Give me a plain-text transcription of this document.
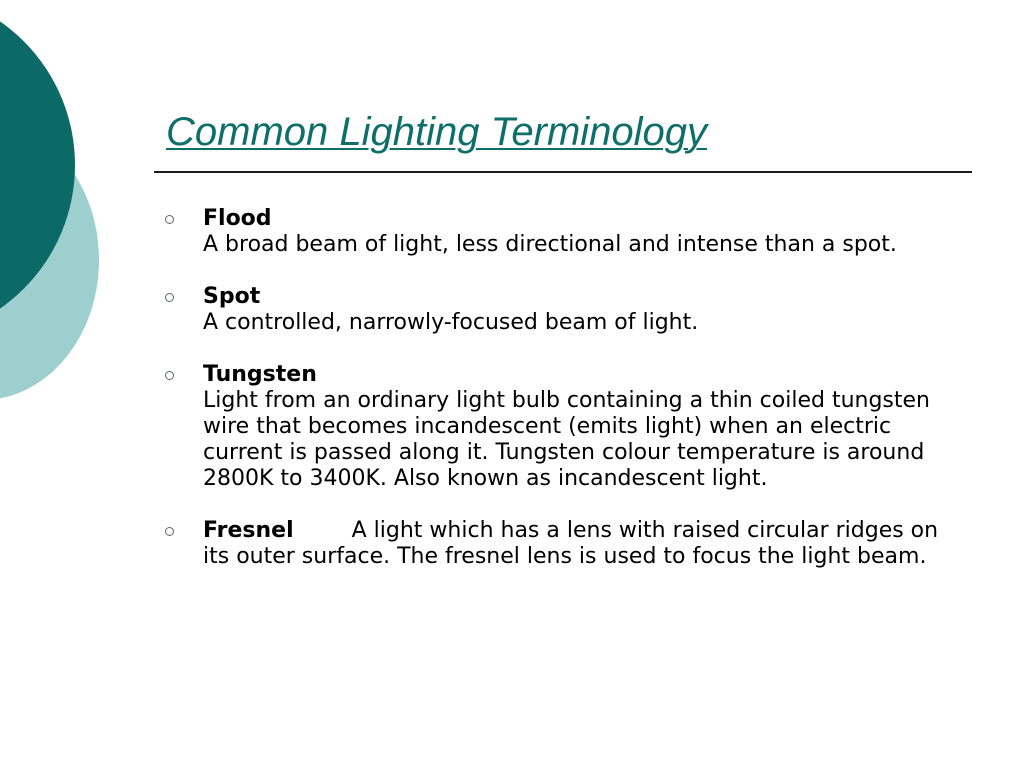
Common Lighting Terminology
Flood
A broad beam of light, less directional and intense than a spot.
Spot
A controlled, narrowly-focused beam of light.
Tungsten
Light from an ordinary light bulb containing a thin coiled tungsten wire that becomes incandescent (emits light) when an electric current is passed along it. Tungsten colour temperature is around 2800K to 3400K. Also known as incandescent light.
Fresnel	A light which has a lens with raised circular ridges on its outer surface. The fresnel lens is used to focus the light beam.
